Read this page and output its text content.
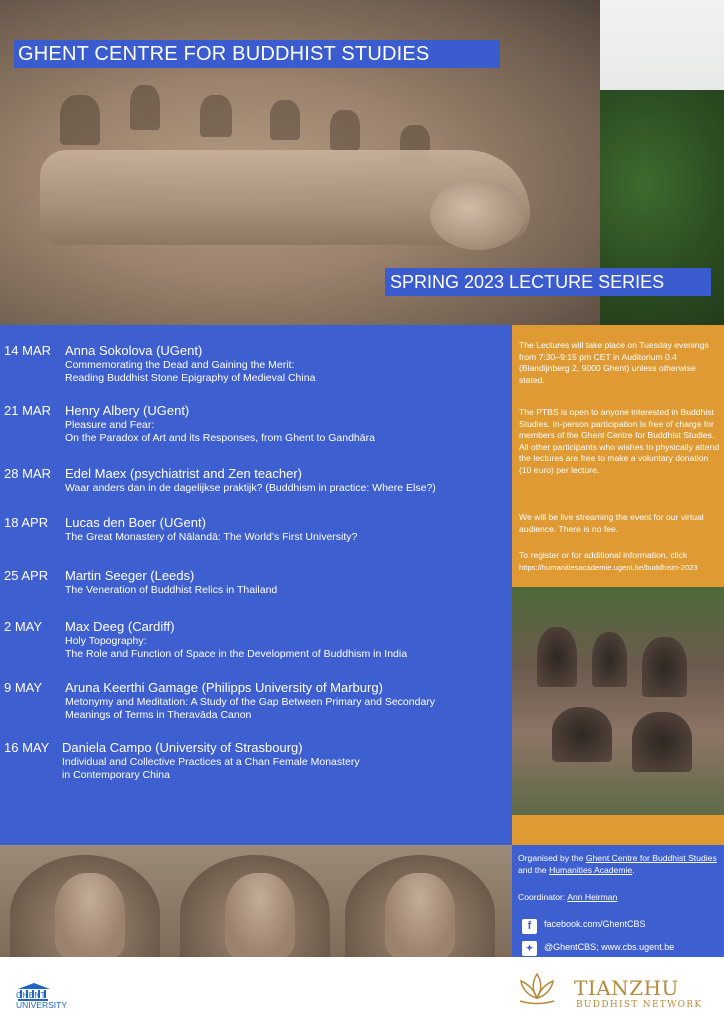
GHENT CENTRE FOR BUDDHIST STUDIES
SPRING 2023 LECTURE SERIES
14 MAR Anna Sokolova (UGent)
Commemorating the Dead and Gaining the Merit:
Reading Buddhist Stone Epigraphy of Medieval China
21 MAR Henry Albery (UGent)
Pleasure and Fear:
On the Paradox of Art and its Responses, from Ghent to Gandhāra
28 MAR Edel Maex (psychiatrist and Zen teacher)
Waar anders dan in de dagelijkse praktijk? (Buddhism in practice: Where Else?)
18 APR Lucas den Boer (UGent)
The Great Monastery of Nālandā: The World’s First University?
25 APR Martin Seeger (Leeds)
The Veneration of Buddhist Relics in Thailand
2 MAY Max Deeg (Cardiff)
Holy Topography:
The Role and Function of Space in the Development of Buddhism in India
9 MAY Aruna Keerthi Gamage (Philipps University of Marburg)
Metonymy and Meditation: A Study of the Gap Between Primary and Secondary
Meanings of Terms in Theravāda Canon
16 MAY Daniela Campo (University of Strasbourg)
Individual and Collective Practices at a Chan Female Monastery
in Contemporary China
The Lectures will take place on Tuesday evenings from 7:30–9:15 pm CET in Auditorium 0.4 (Blandijnberg 2, 9000 Ghent) unless otherwise stated.
The PTBS is open to anyone interested in Buddhist Studies. In-person participation is free of charge for members of the Ghent Centre for Buddhist Studies. All other participants who wishes to physically attend the lectures are free to make a voluntary donation (10 euro) per lecture.
We will be live streaming the event for our virtual audience. There is no fee.
To register or for additional information, click
https://humanitiesacademie.ugent.be/buddhism-2023
Organised by the Ghent Centre for Buddhist Studies and the Humanities Academie.
Coordinator: Ann Heirman
f	facebook.com/GhentCBS
✦	@GhentCBS; www.cbs.ugent.be
GHENT
UNIVERSITY
TIANZHU
BUDDHIST NETWORK
